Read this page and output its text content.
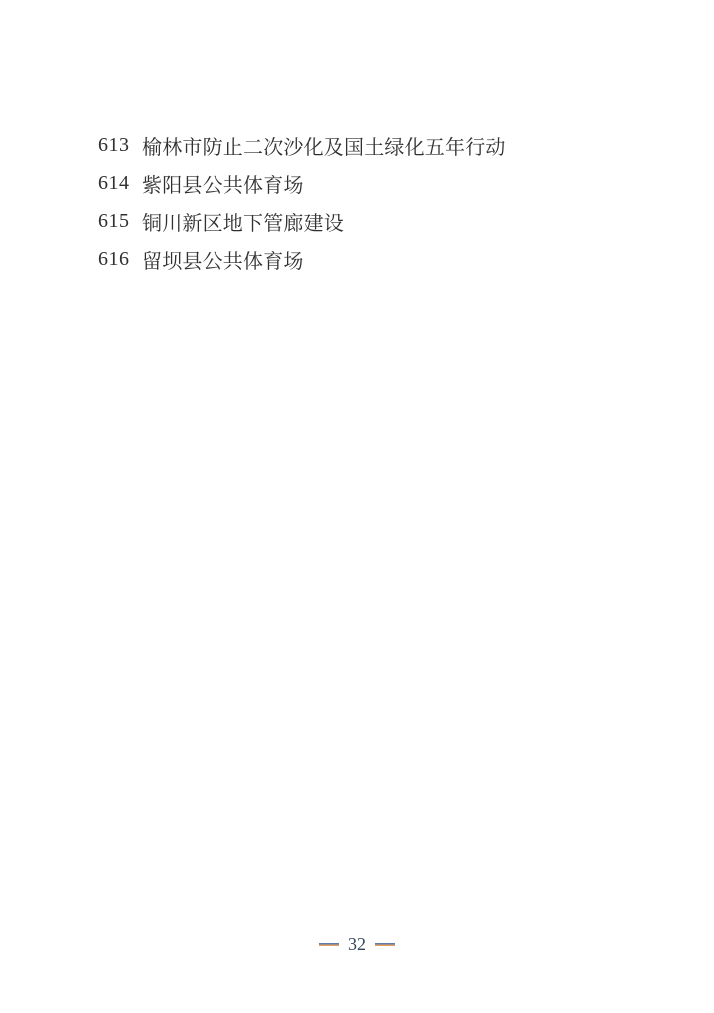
613 榆林市防止二次沙化及国土绿化五年行动
614 紫阳县公共体育场
615 铜川新区地下管廊建设
616 留坝县公共体育场
32
